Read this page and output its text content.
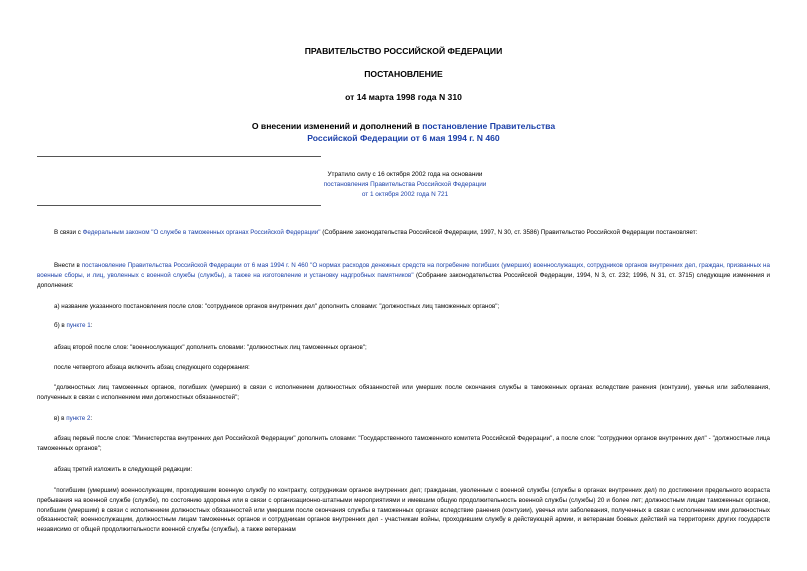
ПРАВИТЕЛЬСТВО РОССИЙСКОЙ ФЕДЕРАЦИИ
ПОСТАНОВЛЕНИЕ
от 14 марта 1998 года N 310
О внесении изменений и дополнений в постановление Правительства
Российской Федерации от 6 мая 1994 г. N 460
Утратило силу с 16 октября 2002 года на основании
постановления Правительства Российской Федерации
от 1 октября 2002 года N 721
В связи с Федеральным законом "О службе в таможенных органах Российской Федерации" (Собрание законодательства Российской Федерации, 1997, N 30, ст. 3586) Правительство Российской Федерации постановляет:
Внести в постановление Правительства Российской Федерации от 6 мая 1994 г. N 460 "О нормах расходов денежных средств на погребение погибших (умерших) военнослужащих, сотрудников органов внутренних дел, граждан, призванных на военные сборы, и лиц, уволенных с военной службы (службы), а также на изготовление и установку надгробных памятников" (Собрание законодательства Российской Федерации, 1994, N 3, ст. 232; 1996, N 31, ст. 3715) следующие изменения и дополнения:
а) название указанного постановления после слов: "сотрудников органов внутренних дел" дополнить словами: "должностных лиц таможенных органов";
б) в пункте 1:
абзац второй после слов: "военнослужащих" дополнить словами: "должностных лиц таможенных органов";
после четвертого абзаца включить абзац следующего содержания:
"должностных лиц таможенных органов, погибших (умерших) в связи с исполнением должностных обязанностей или умерших после окончания службы в таможенных органах вследствие ранения (контузии), увечья или заболевания, полученных в связи с исполнением ими должностных обязанностей";
в) в пункте 2:
абзац первый после слов: "Министерства внутренних дел Российской Федерации" дополнить словами: "Государственного таможенного комитета Российской Федерации", а после слов: "сотрудники органов внутренних дел" - "должностные лица таможенных органов";
абзац третий изложить в следующей редакции:
"погибшим (умершим) военнослужащим, проходившим военную службу по контракту, сотрудникам органов внутренних дел; гражданам, уволенным с военной службы (службы в органах внутренних дел) по достижении предельного возраста пребывания на военной службе (службе), по состоянию здоровья или в связи с организационно-штатными мероприятиями и имевшим общую продолжительность военной службы (службы) 20 и более лет; должностным лицам таможенных органов, погибшим (умершим) в связи с исполнением должностных обязанностей или умершим после окончания службы в таможенных органах вследствие ранения (контузии), увечья или заболевания, полученных в связи с исполнением ими должностных обязанностей; военнослужащим, должностным лицам таможенных органов и сотрудникам органов внутренних дел - участникам войны, проходившим службу в действующей армии, и ветеранам боевых действий на территориях других государств независимо от общей продолжительности военной службы (службы), а также ветеранам
